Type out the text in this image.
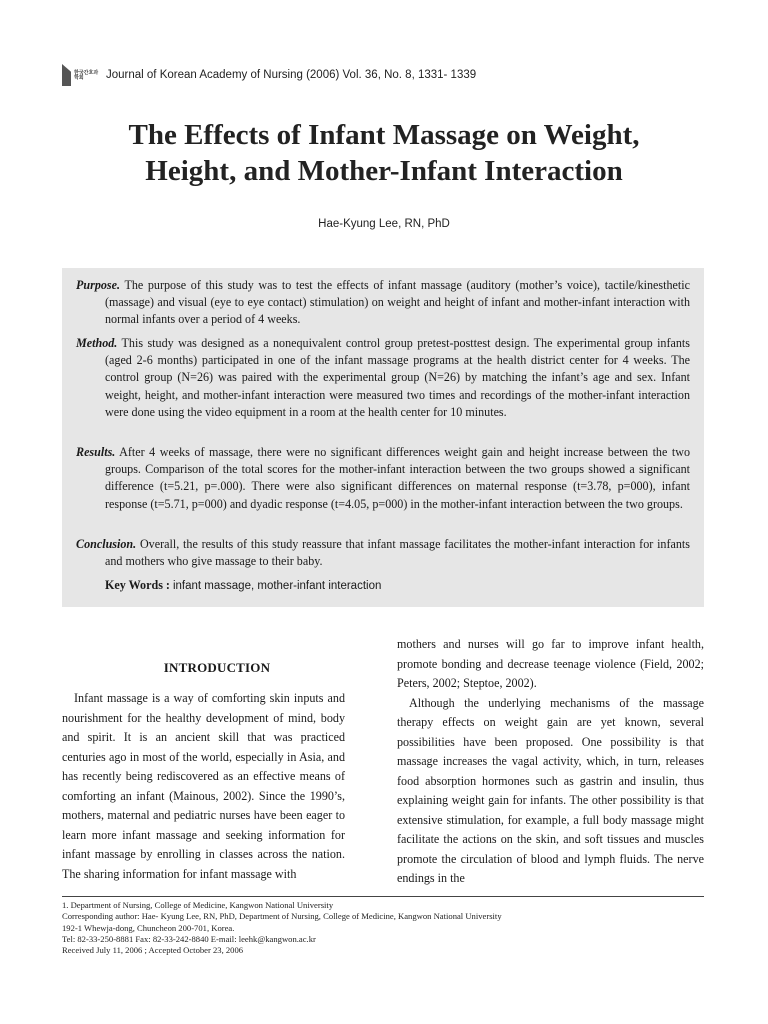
한국간호과학회	Journal of Korean Academy of Nursing (2006) Vol. 36, No. 8, 1331- 1339
The Effects of Infant Massage on Weight,
Height, and Mother-Infant Interaction
Hae-Kyung Lee, RN, PhD
Purpose. The purpose of this study was to test the effects of infant massage (auditory (mother’s voice), tactile/kinesthetic (massage) and visual (eye to eye contact) stimulation) on weight and height of infant and mother-infant interaction with normal infants over a period of 4 weeks.
Method. This study was designed as a nonequivalent control group pretest-posttest design. The experimental group infants (aged 2-6 months) participated in one of the infant massage programs at the health district center for 4 weeks. The control group (N=26) was paired with the experimental group (N=26) by matching the infant’s age and sex. Infant weight, height, and mother-infant interaction were measured two times and recordings of the mother-infant interaction were done using the video equipment in a room at the health center for 10 minutes.
Results. After 4 weeks of massage, there were no significant differences weight gain and height increase between the two groups. Comparison of the total scores for the mother-infant interaction between the two groups showed a significant difference (t=5.21, p=.000). There were also significant differences on maternal response (t=3.78, p=000), infant response (t=5.71, p=000) and dyadic response (t=4.05, p=000) in the mother-infant interaction between the two groups.
Conclusion. Overall, the results of this study reassure that infant massage facilitates the mother-infant interaction for infants and mothers who give massage to their baby.
Key Words : infant massage, mother-infant interaction
INTRODUCTION

Infant massage is a way of comforting skin inputs and nourishment for the healthy development of mind, body and spirit. It is an ancient skill that was practiced centuries ago in most of the world, especially in Asia, and has recently being rediscovered as an effective means of comforting an infant (Mainous, 2002). Since the 1990’s, mothers, maternal and pediatric nurses have been eager to learn more infant massage and seeking information for infant massage by enrolling in classes across the nation. The sharing information for infant massage with

mothers and nurses will go far to improve infant health, promote bonding and decrease teenage violence (Field, 2002; Peters, 2002; Steptoe, 2002).

Although the underlying mechanisms of the massage therapy effects on weight gain are yet known, several possibilities have been proposed. One possibility is that massage increases the vagal activity, which, in turn, releases food absorption hormones such as gastrin and insulin, thus explaining weight gain for infants. The other possibility is that extensive stimulation, for example, a full body massage might facilitate the actions on the skin, and soft tissues and muscles promote the circulation of blood and lymph fluids. The nerve endings in the

1. Department of Nursing, College of Medicine, Kangwon National University
Corresponding author: Hae- Kyung Lee, RN, PhD, Department of Nursing, College of Medicine, Kangwon National University
192-1 Whewja-dong, Chuncheon 200-701, Korea.
Tel: 82-33-250-8881 Fax: 82-33-242-8840 E-mail: leehk@kangwon.ac.kr
Received July 11, 2006 ; Accepted October 23, 2006
